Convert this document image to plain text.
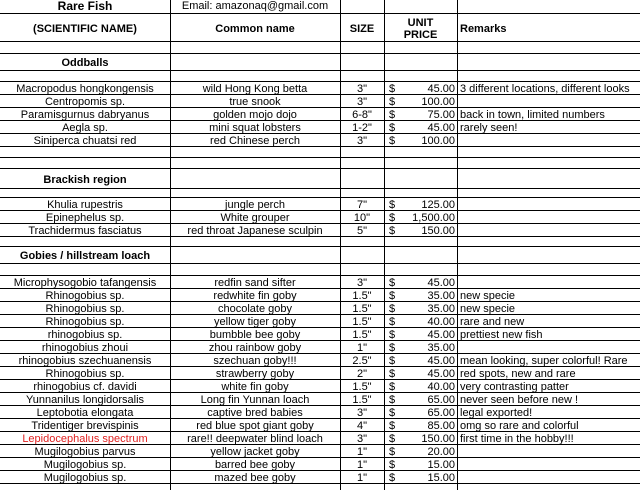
Rare Fish	Email: amazonaq@gmail.com
(SCIENTIFIC NAME)	Common name	SIZE	UNIT
PRICE	Remarks
Oddballs
Macropodus hongkongensis	wild Hong Kong betta	3"	$	45.00 3 different locations, different looks
Centropomis sp.	true snook	3"	$	100.00
Paramisgurnus dabryanus	golden mojo dojo	6-8"	$	75.00 back in town, limited numbers
Aegla sp.	mini squat lobsters	1-2"	$	45.00 rarely seen!
Siniperca chuatsi red	red Chinese perch	3"	$	100.00
Brackish region
Khulia rupestris	jungle perch	7"	$	125.00
Epinephelus sp.	White grouper	10"	$	1,500.00
Trachidermus fasciatus	red throat Japanese sculpin	5"	$	150.00
Gobies / hillstream loach
Microphysogobio tafangensis	redfin sand sifter	3"	$	45.00
Rhinogobius sp.	redwhite fin goby	1.5"	$	35.00 new specie
Rhinogobius sp.	chocolate goby	1.5"	$	35.00 new specie
Rhinogobius sp.	yellow tiger goby	1.5"	$	40.00 rare and new
rhinogobius sp.	bumbble bee goby	1.5"	$	45.00 prettiest new fish
rhinogobius zhoui	zhou rainbow goby	1"	$	35.00
rhinogobius szechuanensis	szechuan goby!!!	2.5"	$	45.00 mean looking, super colorful! Rare
Rhinogobius sp.	strawberry goby	2"	$	45.00 red spots, new and rare
rhinogobius cf. davidi	white fin goby	1.5"	$	40.00 very contrasting patter
Yunnanilus longidorsalis	Long fin Yunnan loach	1.5"	$	65.00 never seen before new !
Leptobotia elongata	captive bred babies	3"	$	65.00 legal exported!
Tridentiger brevispinis	red blue spot giant goby	4"	$	85.00 omg so rare and colorful
Lepidocephalus spectrum	rare!! deepwater blind loach	3"	$	150.00 first time in the hobby!!!
Mugilogobius parvus	yellow jacket goby	1"	$	20.00
Mugilogobius sp.	barred bee goby	1"	$	15.00
Mugilogobius sp.	mazed bee goby	1"	$	15.00
